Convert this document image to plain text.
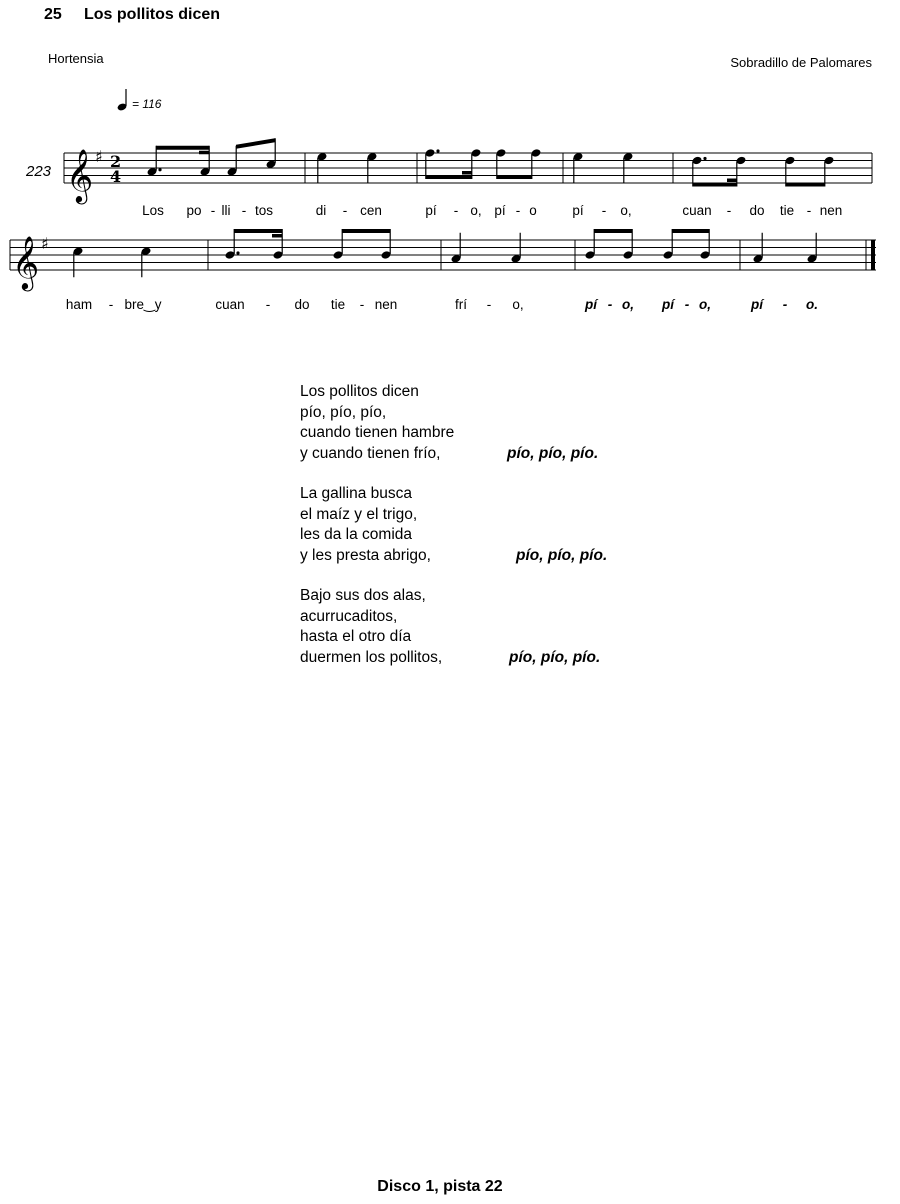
25 Los pollitos dicen
Hortensia	Sobradillo de Palomares
= 116
223 𝄞 ♯ 2
4
𝄞 ♯
Los po - lli - tos	di - cen	pí - o, pí - o	pí - o,	cuan - do tie - nen
ham - bre‿y	cuan - do tie - nen	frí - o,	pí - o, pí - o,	pí - o.
Los pollitos dicen
pío, pío, pío,
cuando tienen hambre
y cuando tienen frío,	pío, pío, pío.
La gallina busca
el maíz y el trigo,
les da la comida
y les presta abrigo,	pío, pío, pío.
Bajo sus dos alas,
acurrucaditos,
hasta el otro día
duermen los pollitos,	pío, pío, pío.
Disco 1, pista 22
